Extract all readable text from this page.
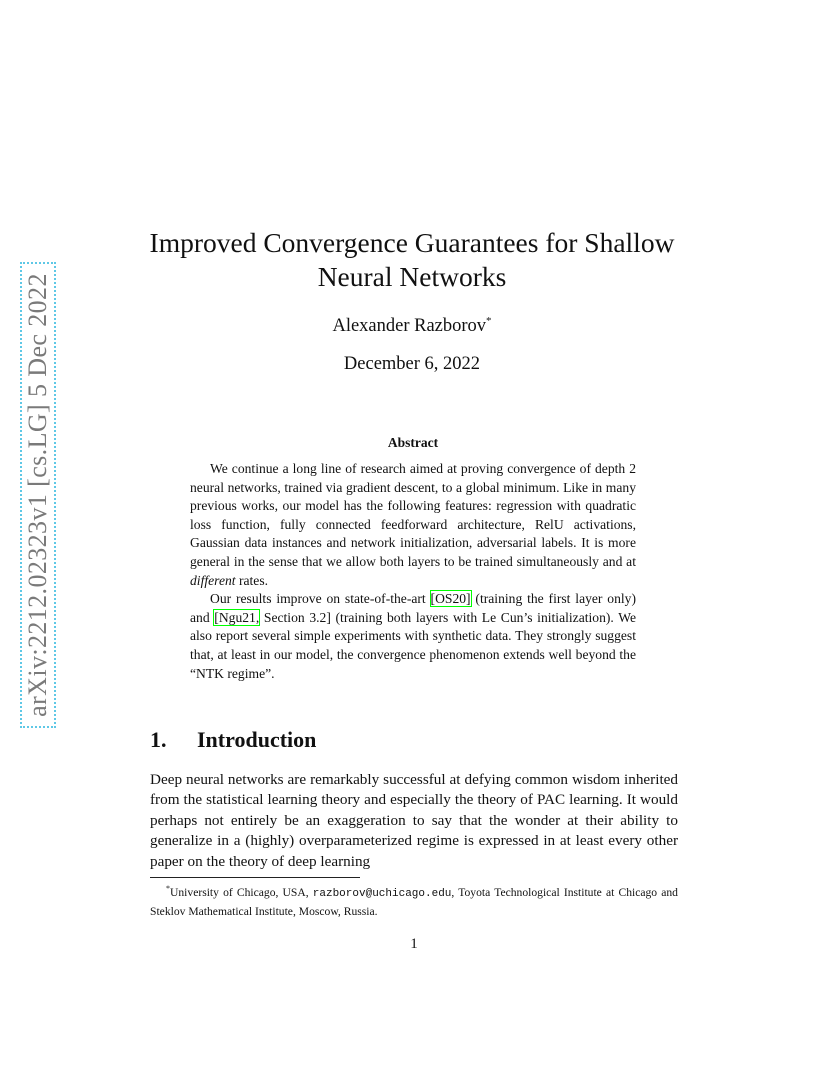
arXiv:2212.02323v1 [cs.LG] 5 Dec 2022
Improved Convergence Guarantees for Shallow Neural Networks
Alexander Razborov*
December 6, 2022
Abstract

We continue a long line of research aimed at proving convergence of depth 2 neural networks, trained via gradient descent, to a global minimum. Like in many previous works, our model has the following features: regression with quadratic loss function, fully connected feedforward architecture, RelU activations, Gaussian data instances and network initialization, adversarial labels. It is more general in the sense that we allow both layers to be trained simultaneously and at different rates.

Our results improve on state-of-the-art [OS20] (training the first layer only) and [Ngu21, Section 3.2] (training both layers with Le Cun’s initialization). We also report several simple experiments with synthetic data. They strongly suggest that, at least in our model, the convergence phenomenon extends well beyond the “NTK regime”.

1. Introduction

Deep neural networks are remarkably successful at defying common wisdom inherited from the statistical learning theory and especially the theory of PAC learning. It would perhaps not entirely be an exaggeration to say that the wonder at their ability to generalize in a (highly) overparameterized regime is expressed in at least every other paper on the theory of deep learning

*University of Chicago, USA, razborov@uchicago.edu, Toyota Technological Institute at Chicago and Steklov Mathematical Institute, Moscow, Russia.

1
